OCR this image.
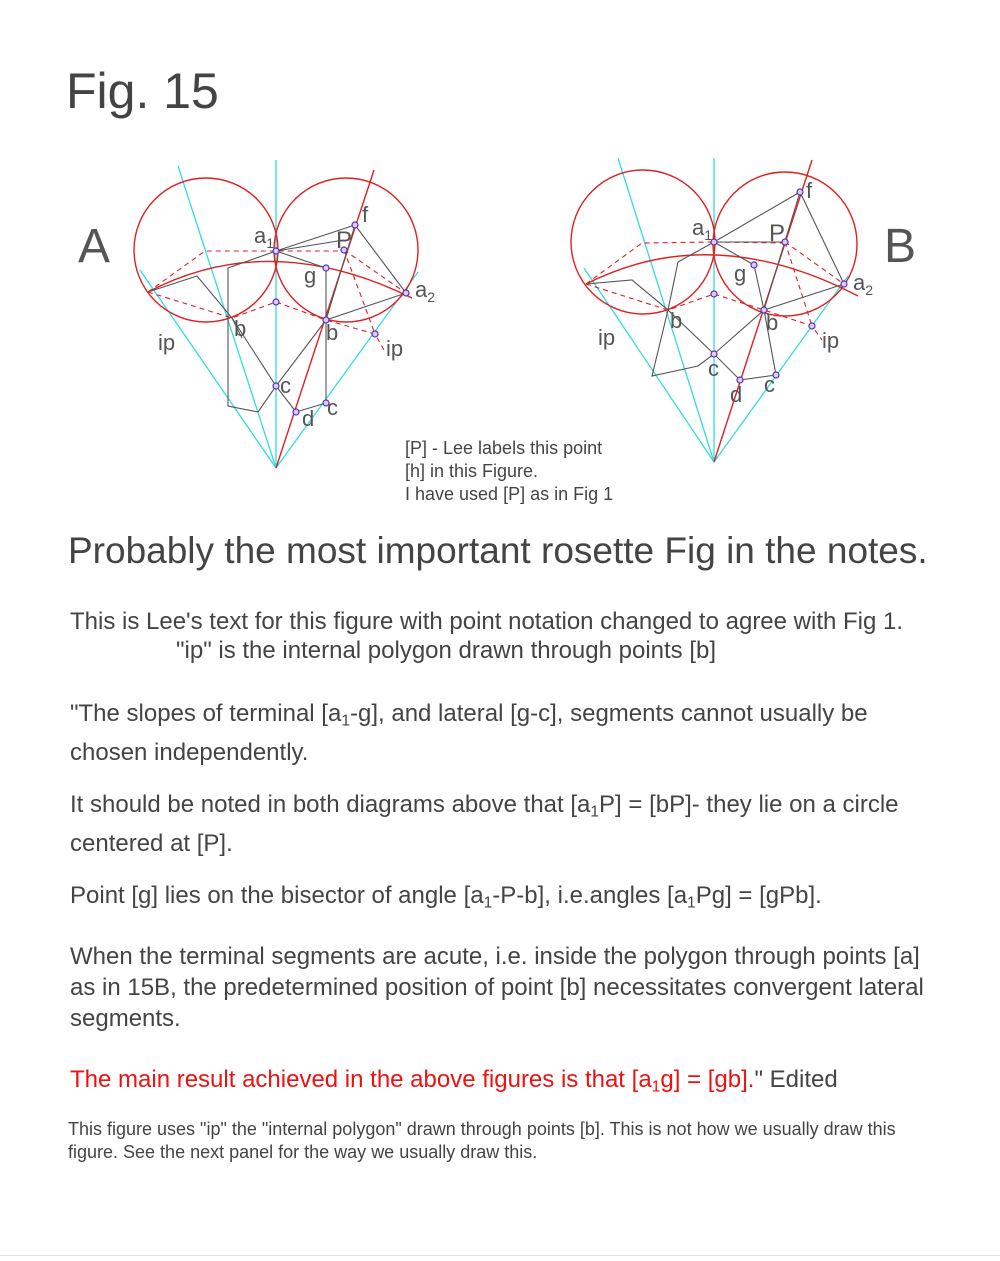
Fig. 15
A	$a_1$	P
f
g
$a_2$
b	b
ip	ip
c
c
d
B
$a_1$ P
f
g	$a_2$
b	b
ip	ip
c
c
d
[P] - Lee labels this point
[h] in this Figure.
I have used [P] as in Fig 1
Probably the most important rosette Fig in the notes.
This is Lee's text for this figure with point notation changed to agree with Fig 1.
"ip" is the internal polygon drawn through points [b]
"The slopes of terminal $[a_1-g]$, and lateral [g-c], segments cannot usually be chosen independently.
It should be noted in both diagrams above that $[a_1P] = [bP]-$ they lie on a circle centered at [P].
Point [g] lies on the bisector of angle $[a_1-P-b]$, i.e.angles $[a_1Pg] = [gPb]$.
When the terminal segments are acute, i.e. inside the polygon through points [a] as in 15B, the predetermined position of point [b] necessitates convergent lateral segments.
The main result achieved in the above figures is that $[a_1g] = [gb]$." Edited
This figure uses "ip" the "internal polygon" drawn through points [b]. This is not how we usually draw this figure. See the next panel for the way we usually draw this.
